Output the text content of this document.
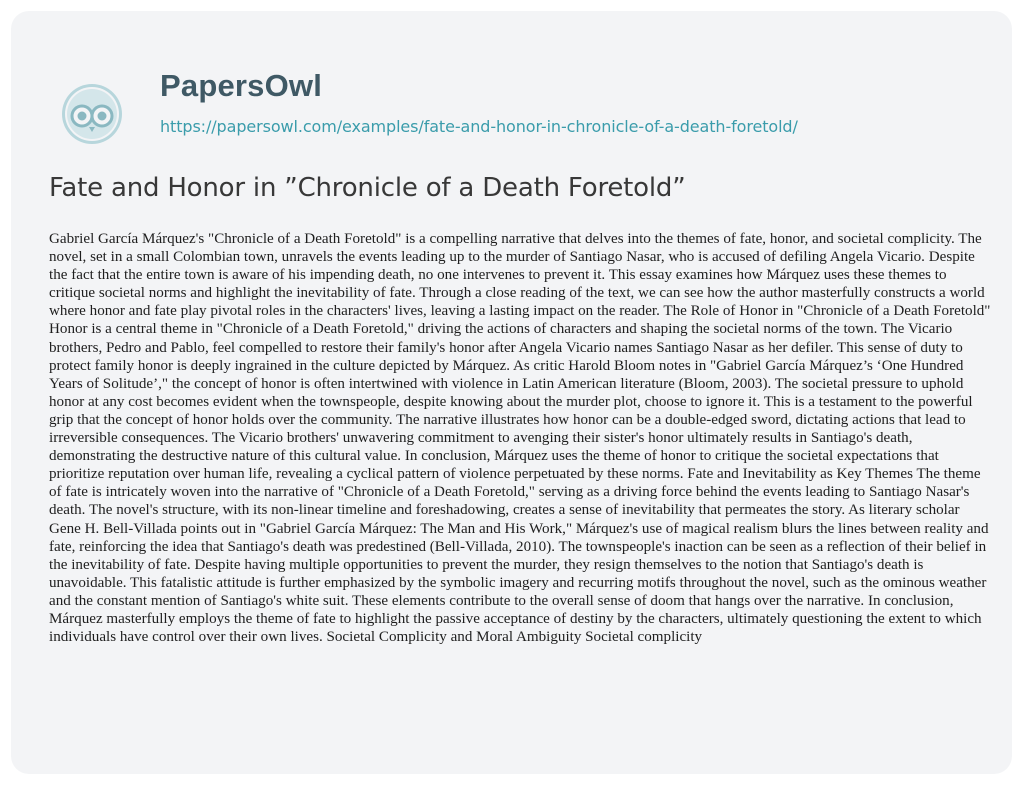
PapersOwl
https://papersowl.com/examples/fate-and-honor-in-chronicle-of-a-death-foretold/
Fate and Honor in ”Chronicle of a Death Foretold”

Gabriel García Márquez's "Chronicle of a Death Foretold" is a compelling narrative that delves into the themes of fate, honor, and societal complicity. The novel, set in a small Colombian town, unravels the events leading up to the murder of Santiago Nasar, who is accused of defiling Angela Vicario. Despite the fact that the entire town is aware of his impending death, no one intervenes to prevent it. This essay examines how Márquez uses these themes to critique societal norms and highlight the inevitability of fate. Through a close reading of the text, we can see how the author masterfully constructs a world where honor and fate play pivotal roles in the characters' lives, leaving a lasting impact on the reader. The Role of Honor in "Chronicle of a Death Foretold" Honor is a central theme in "Chronicle of a Death Foretold," driving the actions of characters and shaping the societal norms of the town. The Vicario brothers, Pedro and Pablo, feel compelled to restore their family's honor after Angela Vicario names Santiago Nasar as her defiler. This sense of duty to protect family honor is deeply ingrained in the culture depicted by Márquez. As critic Harold Bloom notes in "Gabriel García Márquez’s ‘One Hundred Years of Solitude’," the concept of honor is often intertwined with violence in Latin American literature (Bloom, 2003). The societal pressure to uphold honor at any cost becomes evident when the townspeople, despite knowing about the murder plot, choose to ignore it. This is a testament to the powerful grip that the concept of honor holds over the community. The narrative illustrates how honor can be a double-edged sword, dictating actions that lead to irreversible consequences. The Vicario brothers' unwavering commitment to avenging their sister's honor ultimately results in Santiago's death, demonstrating the destructive nature of this cultural value. In conclusion, Márquez uses the theme of honor to critique the societal expectations that prioritize reputation over human life, revealing a cyclical pattern of violence perpetuated by these norms. Fate and Inevitability as Key Themes The theme of fate is intricately woven into the narrative of "Chronicle of a Death Foretold," serving as a driving force behind the events leading to Santiago Nasar's death. The novel's structure, with its non-linear timeline and foreshadowing, creates a sense of inevitability that permeates the story. As literary scholar Gene H. Bell-Villada points out in "Gabriel García Márquez: The Man and His Work," Márquez's use of magical realism blurs the lines between reality and fate, reinforcing the idea that Santiago's death was predestined (Bell-Villada, 2010). The townspeople's inaction can be seen as a reflection of their belief in the inevitability of fate. Despite having multiple opportunities to prevent the murder, they resign themselves to the notion that Santiago's death is unavoidable. This fatalistic attitude is further emphasized by the symbolic imagery and recurring motifs throughout the novel, such as the ominous weather and the constant mention of Santiago's white suit. These elements contribute to the overall sense of doom that hangs over the narrative. In conclusion, Márquez masterfully employs the theme of fate to highlight the passive acceptance of destiny by the characters, ultimately questioning the extent to which individuals have control over their own lives. Societal Complicity and Moral Ambiguity Societal complicity
